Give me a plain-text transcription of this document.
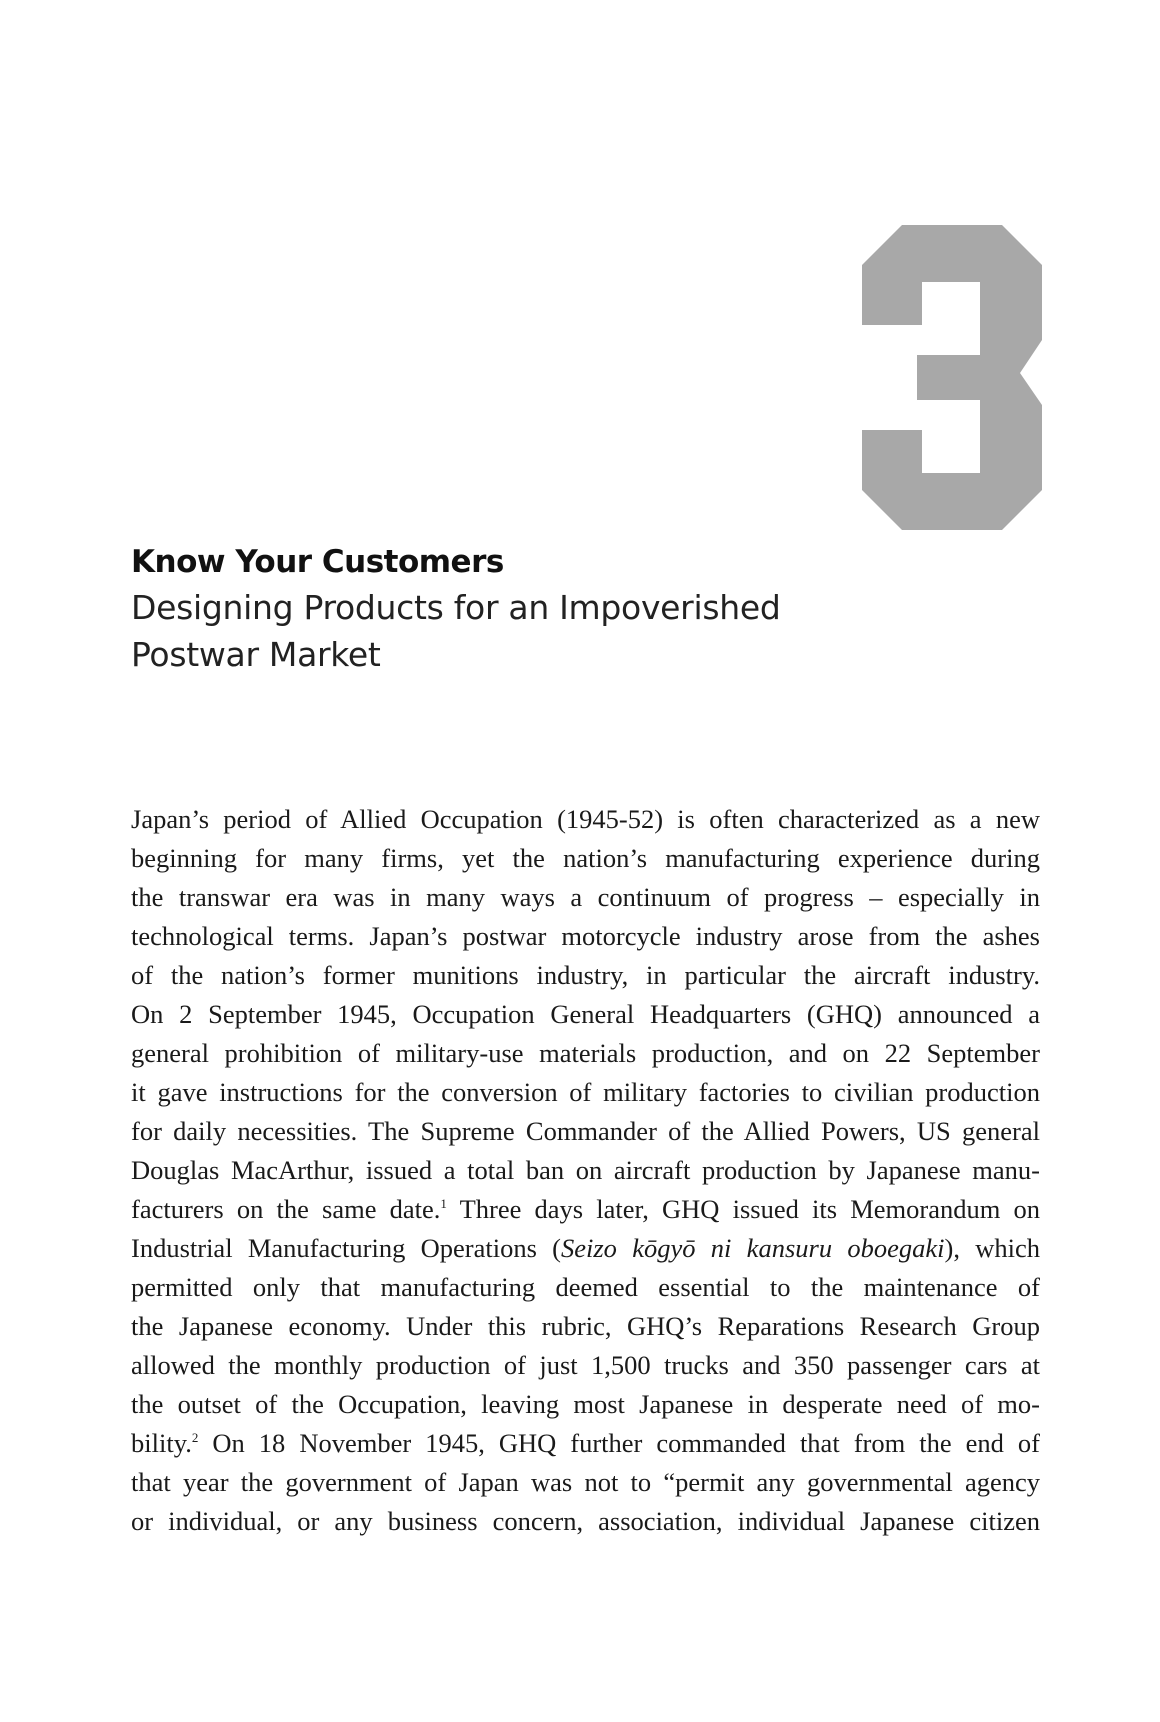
3
Know Your Customers
Designing Products for an Impoverished
Postwar Market
Japan’s period of Allied Occupation (1945-52) is often characterized as a new
beginning for many firms, yet the nation’s manufacturing experience during
the transwar era was in many ways a continuum of progress – especially in
technological terms. Japan’s postwar motorcycle industry arose from the ashes
of the nation’s former munitions industry, in particular the aircraft industry.
On 2 September 1945, Occupation General Headquarters (GHQ) announced a
general prohibition of military-use materials production, and on 22 September
it gave instructions for the conversion of military factories to civilian production
for daily necessities. The Supreme Commander of the Allied Powers, US general
Douglas MacArthur, issued a total ban on aircraft production by Japanese manu-
facturers on the same date.$^1$ Three days later, GHQ issued its Memorandum on
Industrial Manufacturing Operations (Seizo kōgyō ni kansuru oboegaki), which
permitted only that manufacturing deemed essential to the maintenance of
the Japanese economy. Under this rubric, GHQ’s Reparations Research Group
allowed the monthly production of just 1,500 trucks and 350 passenger cars at
the outset of the Occupation, leaving most Japanese in desperate need of mo-
bility.$^2$ On 18 November 1945, GHQ further commanded that from the end of
that year the government of Japan was not to “permit any governmental agency
or individual, or any business concern, association, individual Japanese citizen
